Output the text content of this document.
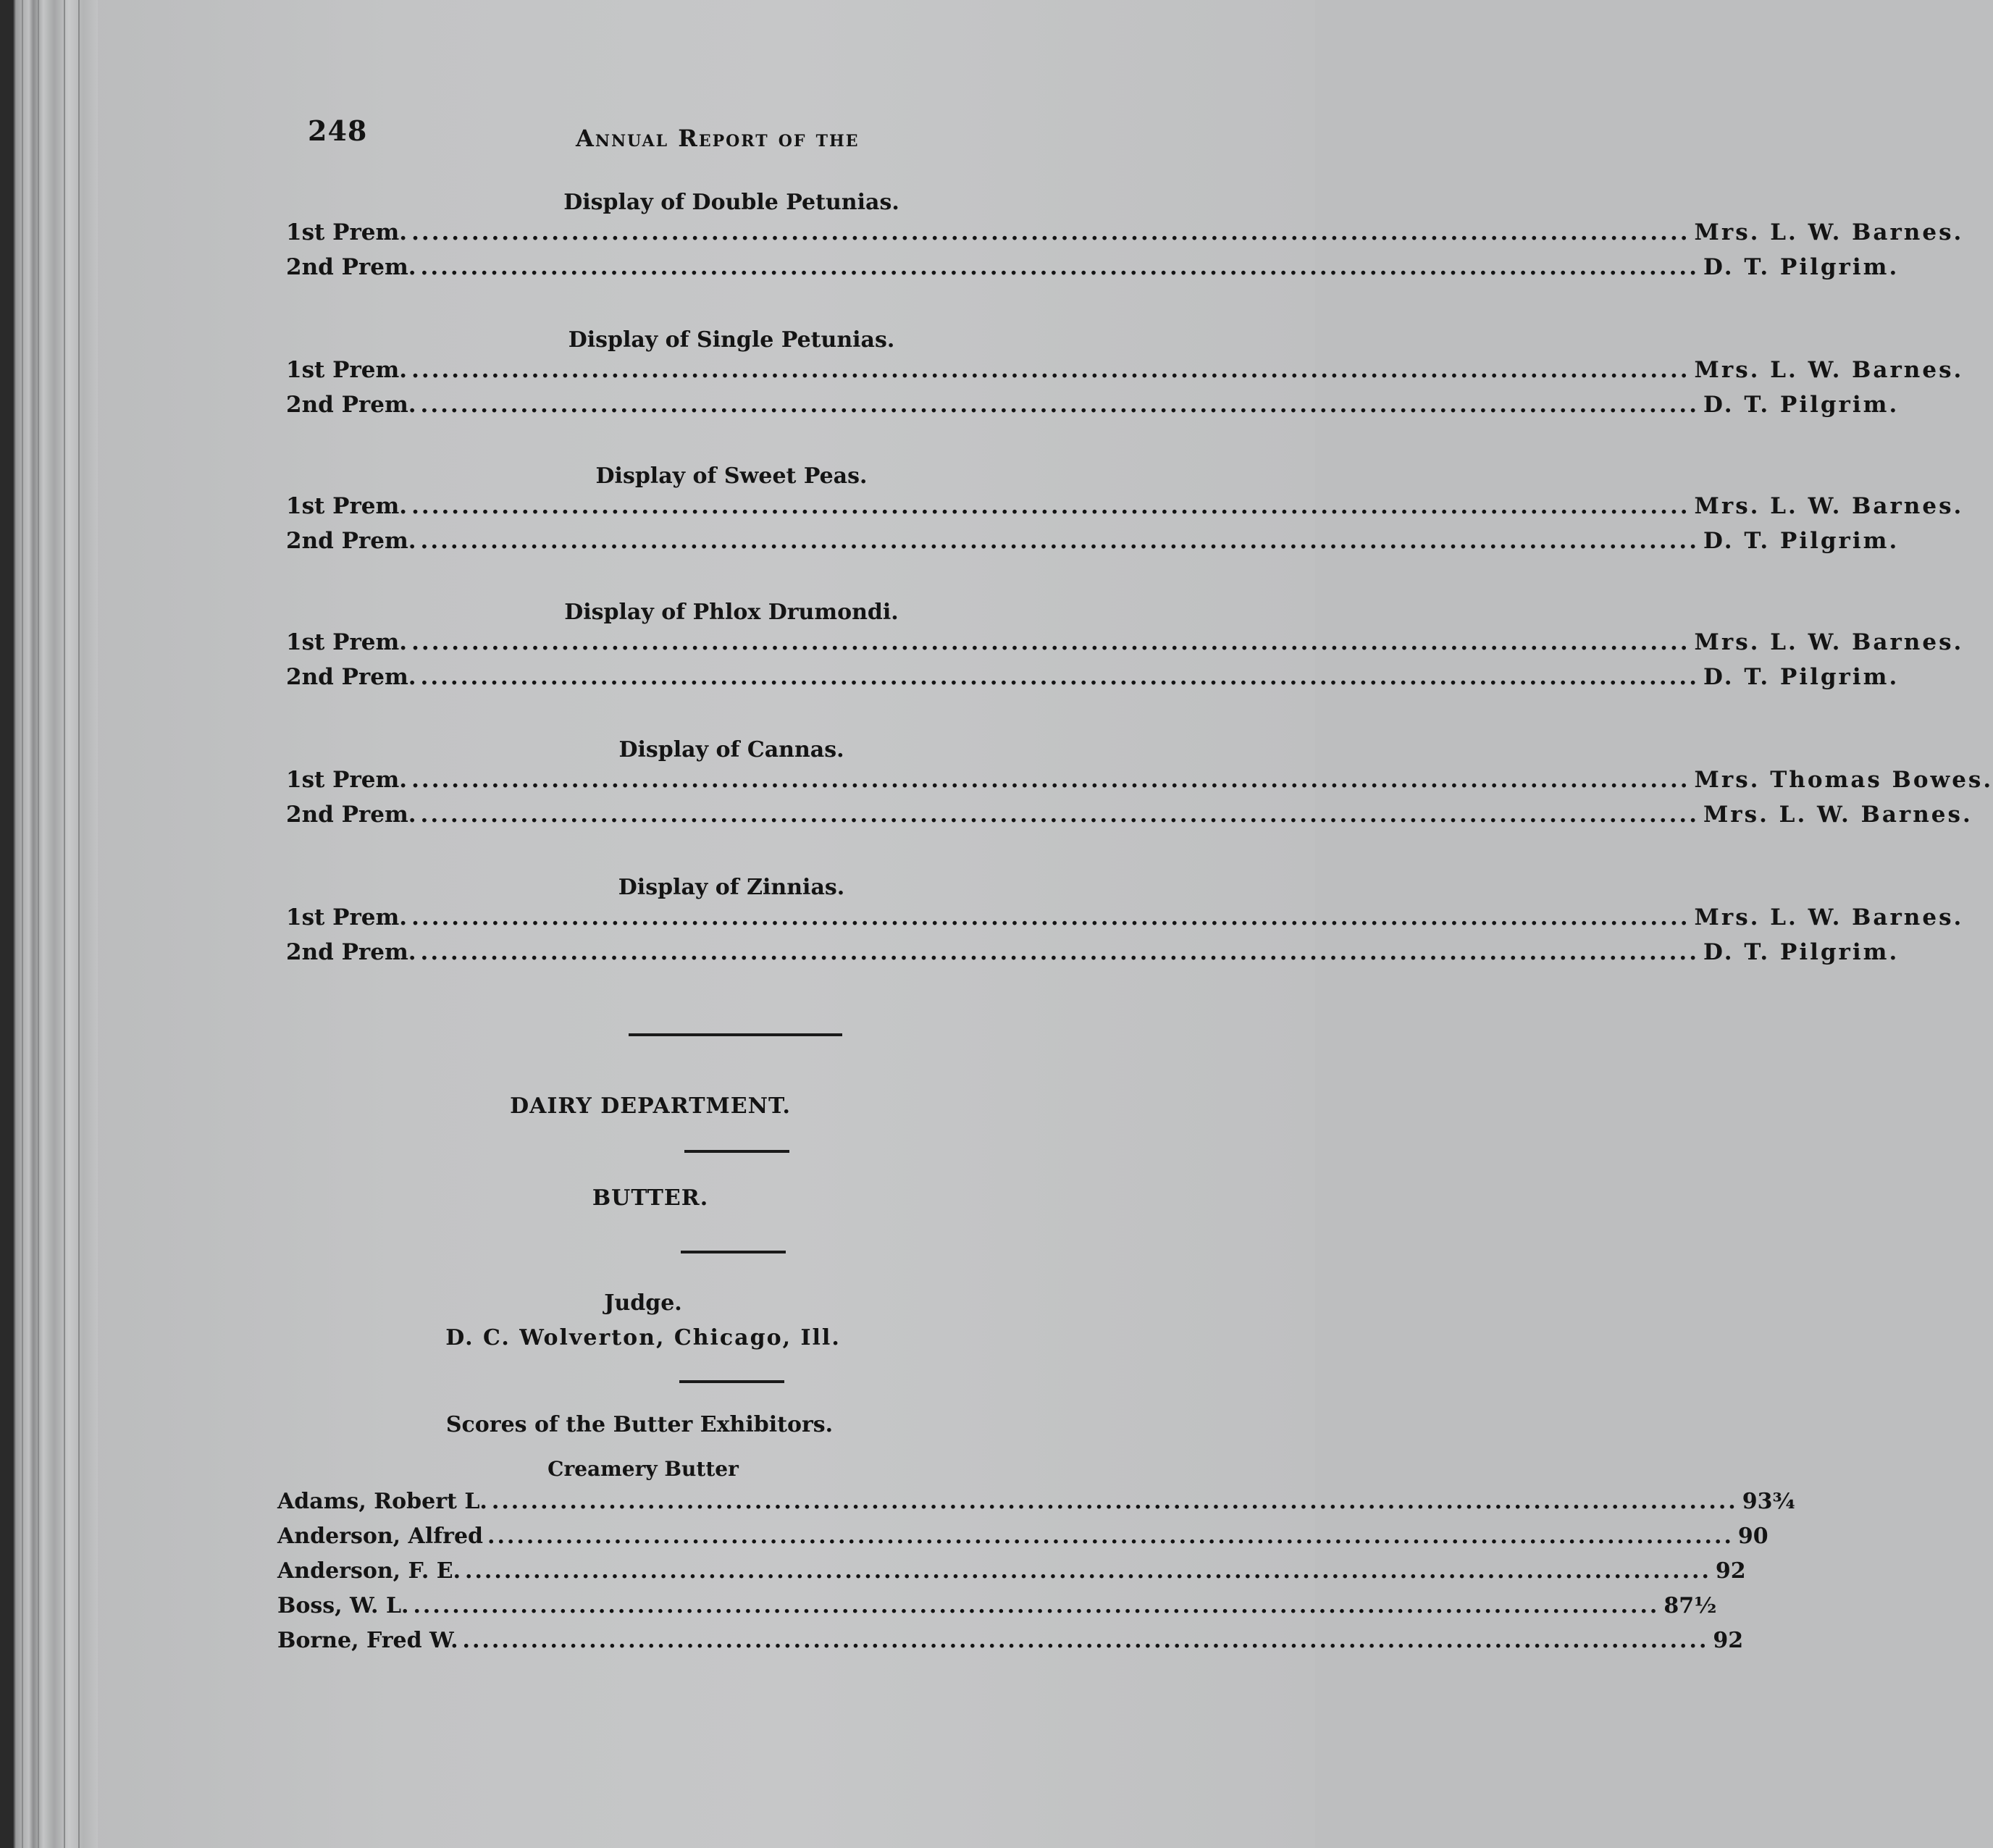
248	Annual Report of the
Display of Double Petunias.
1st Prem. ................................................................................................................................ Mrs. L. W. Barnes.
2nd Prem. ................................................................................................................................ D. T. Pilgrim.
Display of Single Petunias.
1st Prem. ................................................................................................................................ Mrs. L. W. Barnes.
2nd Prem. ................................................................................................................................ D. T. Pilgrim.
Display of Sweet Peas.
1st Prem. ................................................................................................................................ Mrs. L. W. Barnes.
2nd Prem. ................................................................................................................................ D. T. Pilgrim.
Display of Phlox Drumondi.
1st Prem. ................................................................................................................................ Mrs. L. W. Barnes.
2nd Prem. ................................................................................................................................ D. T. Pilgrim.
Display of Cannas.
1st Prem. ................................................................................................................................ Mrs. Thomas Bowes.
2nd Prem. ................................................................................................................................ Mrs. L. W. Barnes.
Display of Zinnias.
1st Prem. ................................................................................................................................ Mrs. L. W. Barnes.
2nd Prem. ................................................................................................................................ D. T. Pilgrim.
DAIRY DEPARTMENT.
BUTTER.
Judge.
D. C. Wolverton, Chicago, Ill.
Scores of the Butter Exhibitors.
Creamery Butter
Adams, Robert L. ................................................................................................................................ 93¾
Anderson, Alfred ................................................................................................................................ 90
Anderson, F. E. ................................................................................................................................ 92
Boss, W. L. ................................................................................................................................ 87½
Borne, Fred W. ................................................................................................................................ 92
